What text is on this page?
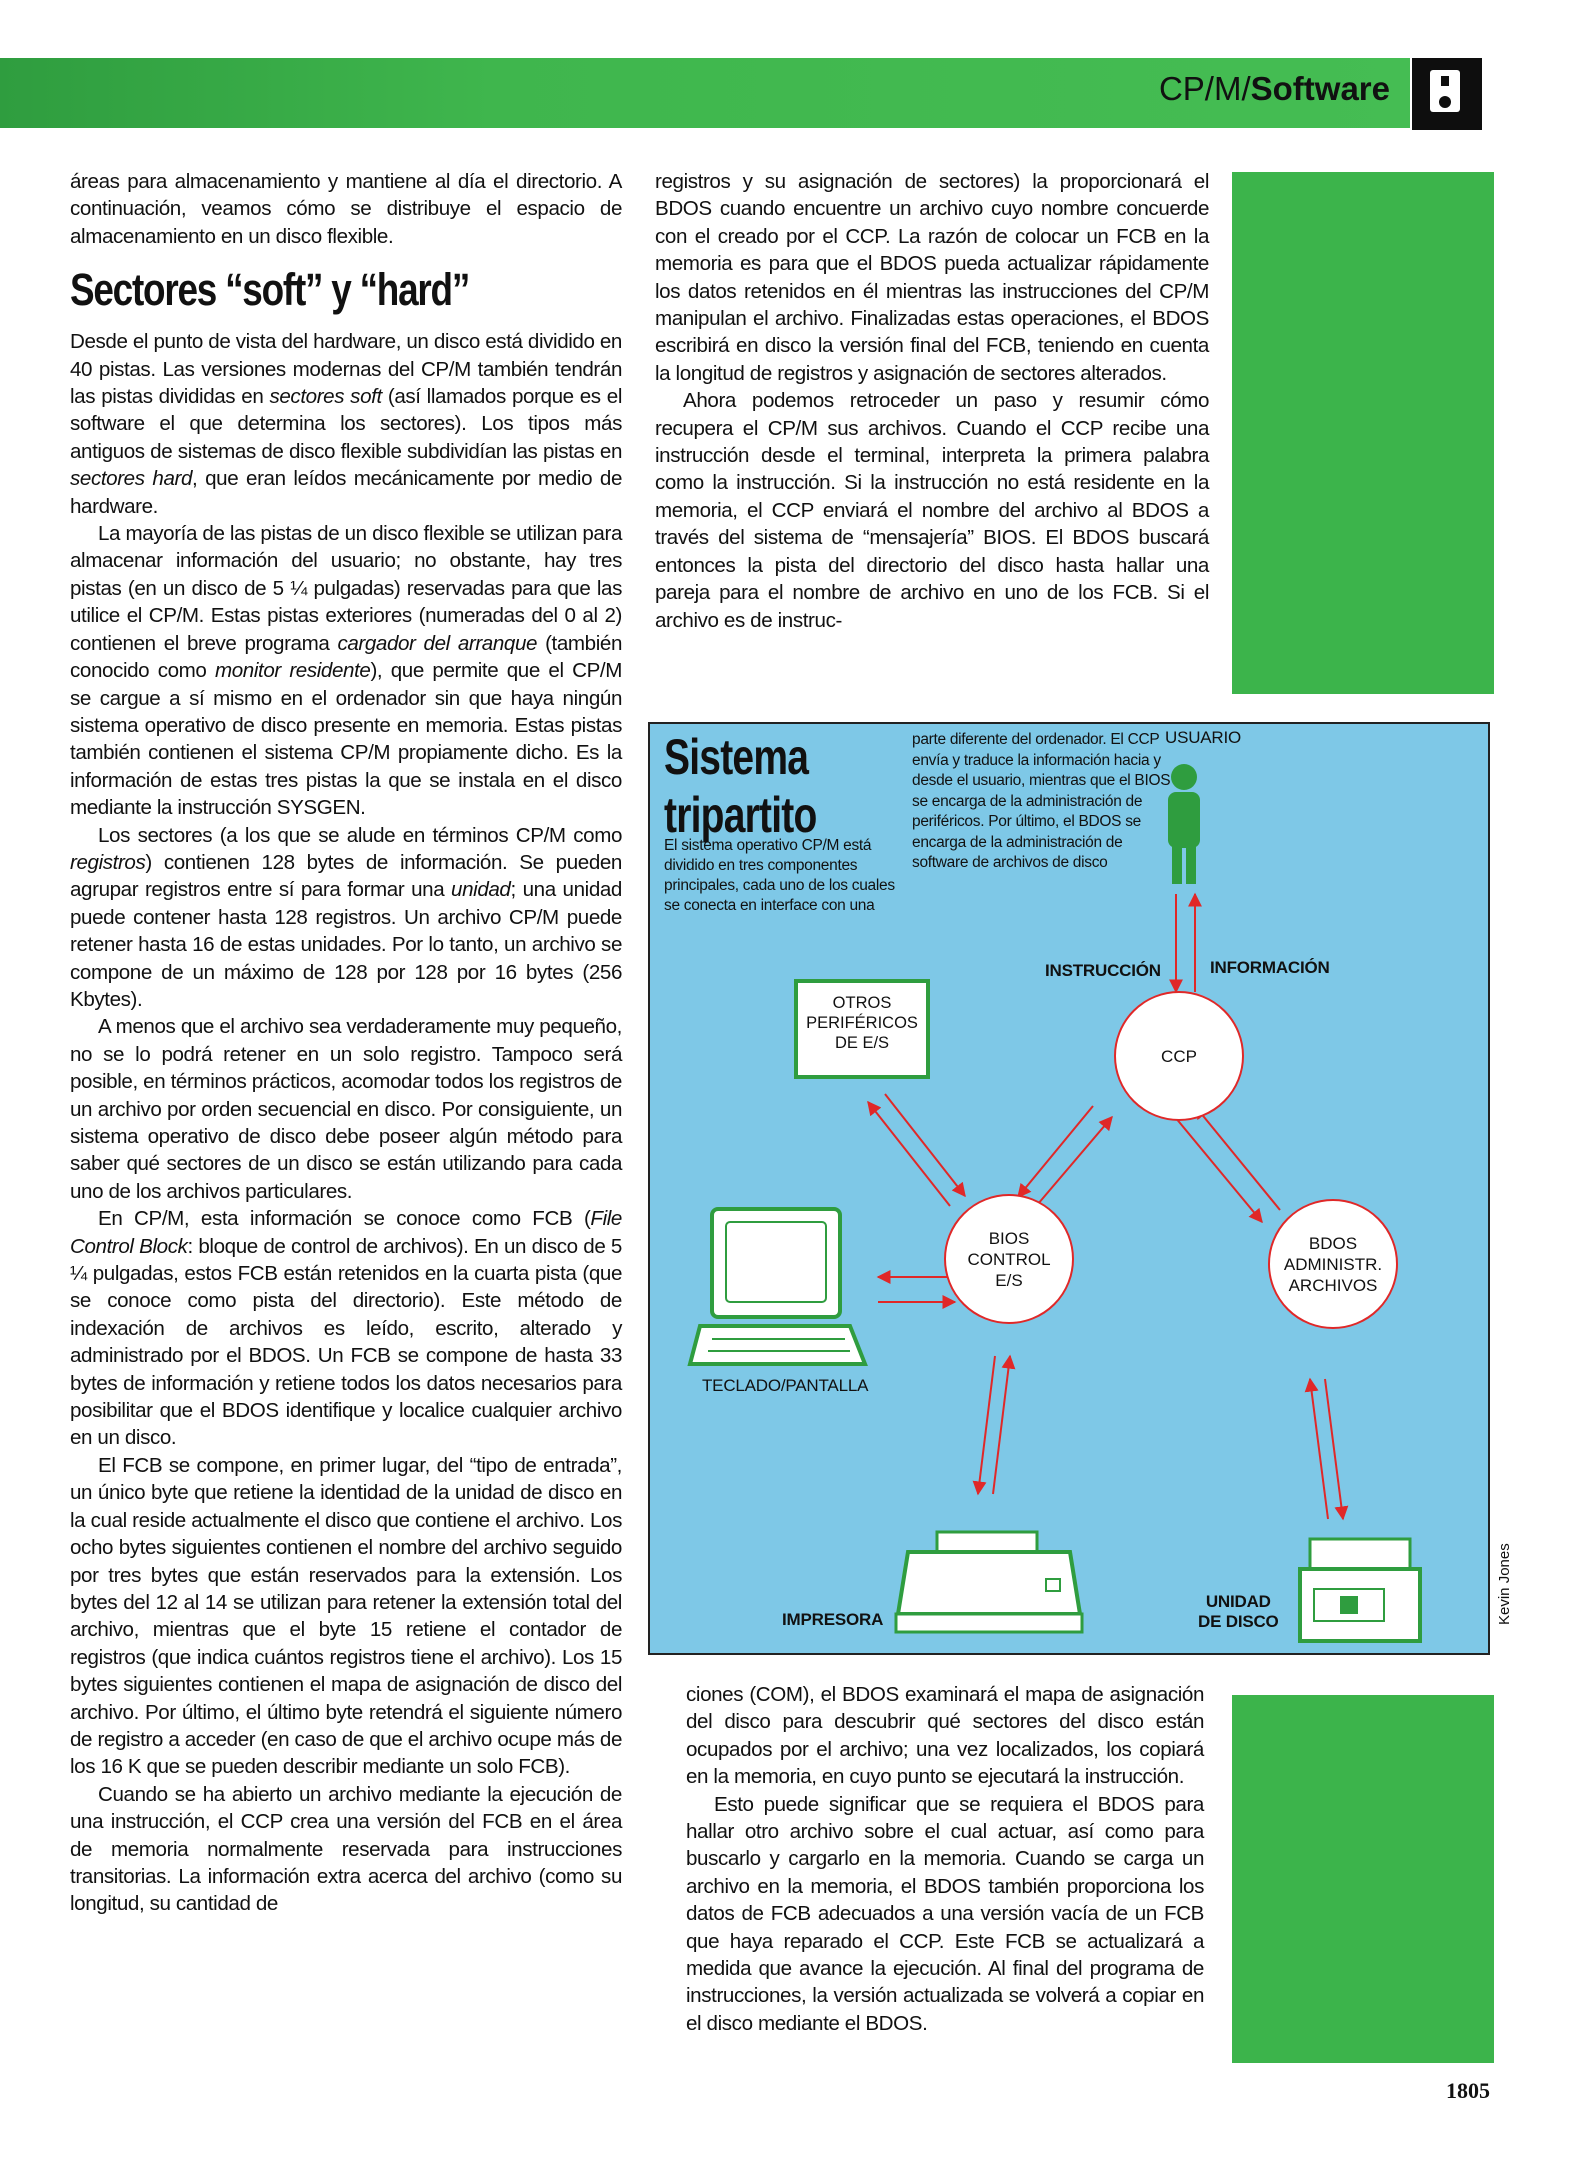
CP/M/Software

áreas para almacenamiento y mantiene al día el directorio. A continuación, veamos cómo se distribuye el espacio de almacenamiento en un disco flexible.

Sectores “soft” y “hard”

Desde el punto de vista del hardware, un disco está dividido en 40 pistas. Las versiones modernas del CP/M también tendrán las pistas divididas en sectores soft (así llamados porque es el software el que determina los sectores). Los tipos más antiguos de sistemas de disco flexible subdividían las pistas en sectores hard, que eran leídos mecánicamente por medio de hardware.

La mayoría de las pistas de un disco flexible se utilizan para almacenar información del usuario; no obstante, hay tres pistas (en un disco de 5 ¼ pulgadas) reservadas para que las utilice el CP/M. Estas pistas exteriores (numeradas del 0 al 2) contienen el breve programa cargador del arranque (también conocido como monitor residente), que permite que el CP/M se cargue a sí mismo en el ordenador sin que haya ningún sistema operativo de disco presente en memoria. Estas pistas también contienen el sistema CP/M propiamente dicho. Es la información de estas tres pistas la que se instala en el disco mediante la instrucción SYSGEN.

Los sectores (a los que se alude en términos CP/M como registros) contienen 128 bytes de información. Se pueden agrupar registros entre sí para formar una unidad; una unidad puede contener hasta 128 registros. Un archivo CP/M puede retener hasta 16 de estas unidades. Por lo tanto, un archivo se compone de un máximo de 128 por 128 por 16 bytes (256 Kbytes).

A menos que el archivo sea verdaderamente muy pequeño, no se lo podrá retener en un solo registro. Tampoco será posible, en términos prácticos, acomodar todos los registros de un archivo por orden secuencial en disco. Por consiguiente, un sistema operativo de disco debe poseer algún método para saber qué sectores de un disco se están utilizando para cada uno de los archivos particulares.

En CP/M, esta información se conoce como FCB (File Control Block: bloque de control de archivos). En un disco de 5 ¼ pulgadas, estos FCB están retenidos en la cuarta pista (que se conoce como pista del directorio). Este método de indexación de archivos es leído, escrito, alterado y administrado por el BDOS. Un FCB se compone de hasta 33 bytes de información y retiene todos los datos necesarios para posibilitar que el BDOS identifique y localice cualquier archivo en un disco.

El FCB se compone, en primer lugar, del “tipo de entrada”, un único byte que retiene la identidad de la unidad de disco en la cual reside actualmente el disco que contiene el archivo. Los ocho bytes siguientes contienen el nombre del archivo seguido por tres bytes que están reservados para la extensión. Los bytes del 12 al 14 se utilizan para retener la extensión total del archivo, mientras que el byte 15 retiene el contador de registros (que indica cuántos registros tiene el archivo). Los 15 bytes siguientes contienen el mapa de asignación de disco del archivo. Por último, el último byte retendrá el siguiente número de registro a acceder (en caso de que el archivo ocupe más de los 16 K que se pueden describir mediante un solo FCB).

Cuando se ha abierto un archivo mediante la ejecución de una instrucción, el CCP crea una versión del FCB en el área de memoria normalmente reservada para instrucciones transitorias. La información extra acerca del archivo (como su longitud, su cantidad de

registros y su asignación de sectores) la proporcionará el BDOS cuando encuentre un archivo cuyo nombre concuerde con el creado por el CCP. La razón de colocar un FCB en la memoria es para que el BDOS pueda actualizar rápidamente los datos retenidos en él mientras las instrucciones del CP/M manipulan el archivo. Finalizadas estas operaciones, el BDOS escribirá en disco la versión final del FCB, teniendo en cuenta la longitud de registros y asignación de sectores alterados.

Ahora podemos retroceder un paso y resumir cómo recupera el CP/M sus archivos. Cuando el CCP recibe una instrucción desde el terminal, interpreta la primera palabra como la instrucción. Si la instrucción no está residente en la memoria, el CCP enviará el nombre del archivo al BDOS a través del sistema de “mensajería” BIOS. El BDOS buscará entonces la pista del directorio del disco hasta hallar una pareja para el nombre de archivo en uno de los FCB. Si el archivo es de instruc-

ciones (COM), el BDOS examinará el mapa de asignación del disco para descubrir qué sectores del disco están ocupados por el archivo; una vez localizados, los copiará en la memoria, en cuyo punto se ejecutará la instrucción.

Esto puede significar que se requiera el BDOS para hallar otro archivo sobre el cual actuar, así como para buscarlo y cargarlo en la memoria. Cuando se carga un archivo en la memoria, el BDOS también proporciona los datos de FCB adecuados a una versión vacía de un FCB que haya reparado el CCP. Este FCB se actualizará a medida que avance la ejecución. Al final del programa de instrucciones, la versión actualizada se volverá a copiar en el disco mediante el BDOS.

Sistema
tripartito
El sistema operativo CP/M está dividido en tres componentes principales, cada uno de los cuales se conecta en interface con una
parte diferente del ordenador. El CCP envía y traduce la información hacia y desde el usuario, mientras que el BIOS se encarga de la administración de periféricos. Por último, el BDOS se encarga de la administración de software de archivos de disco
USUARIO
INSTRUCCIÓN	INFORMACIÓN
OTROS
PERIFÉRICOS
DE E/S
CCP
BIOS
CONTROL
E/S
BDOS
ADMINISTR.
ARCHIVOS
TECLADO/PANTALLA
IMPRESORA
UNIDAD
DE DISCO	Kevin Jones
1805
